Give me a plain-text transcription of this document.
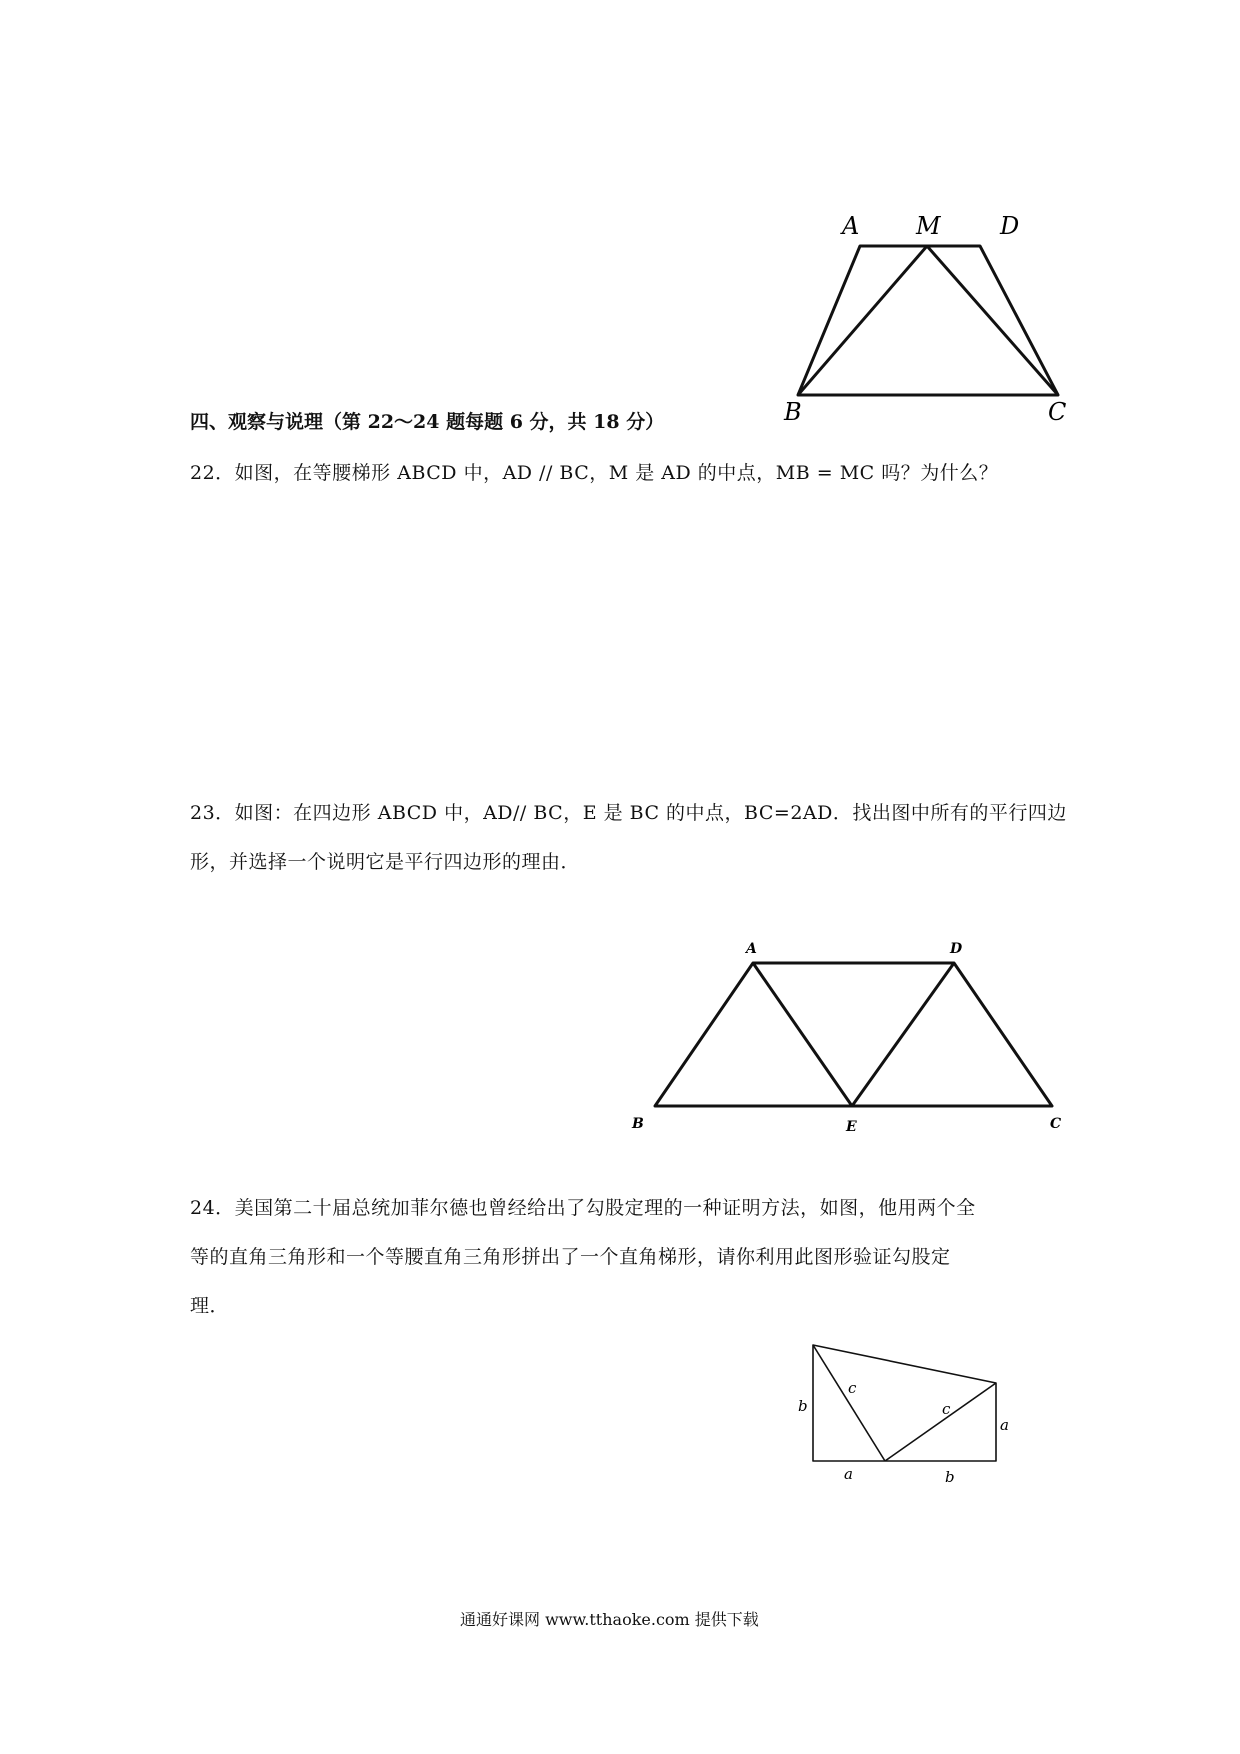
A M D
B	C
四、观察与说理（第 22～24 题每题 6 分，共 18 分）
22．如图，在等腰梯形 ABCD 中，AD // BC，M 是 AD 的中点，MB = MC 吗？为什么？
23．如图：在四边形 ABCD 中，AD// BC，E 是 BC 的中点，BC=2AD．找出图中所有的平行四边
形，并选择一个说明它是平行四边形的理由．
A	D
B	E	C
24．美国第二十届总统加菲尔德也曾经给出了勾股定理的一种证明方法，如图，他用两个全
等的直角三角形和一个等腰直角三角形拼出了一个直角梯形，请你利用此图形验证勾股定
理．
b
c
c
a
a	b
通通好课网 www.tthaoke.com 提供下载
